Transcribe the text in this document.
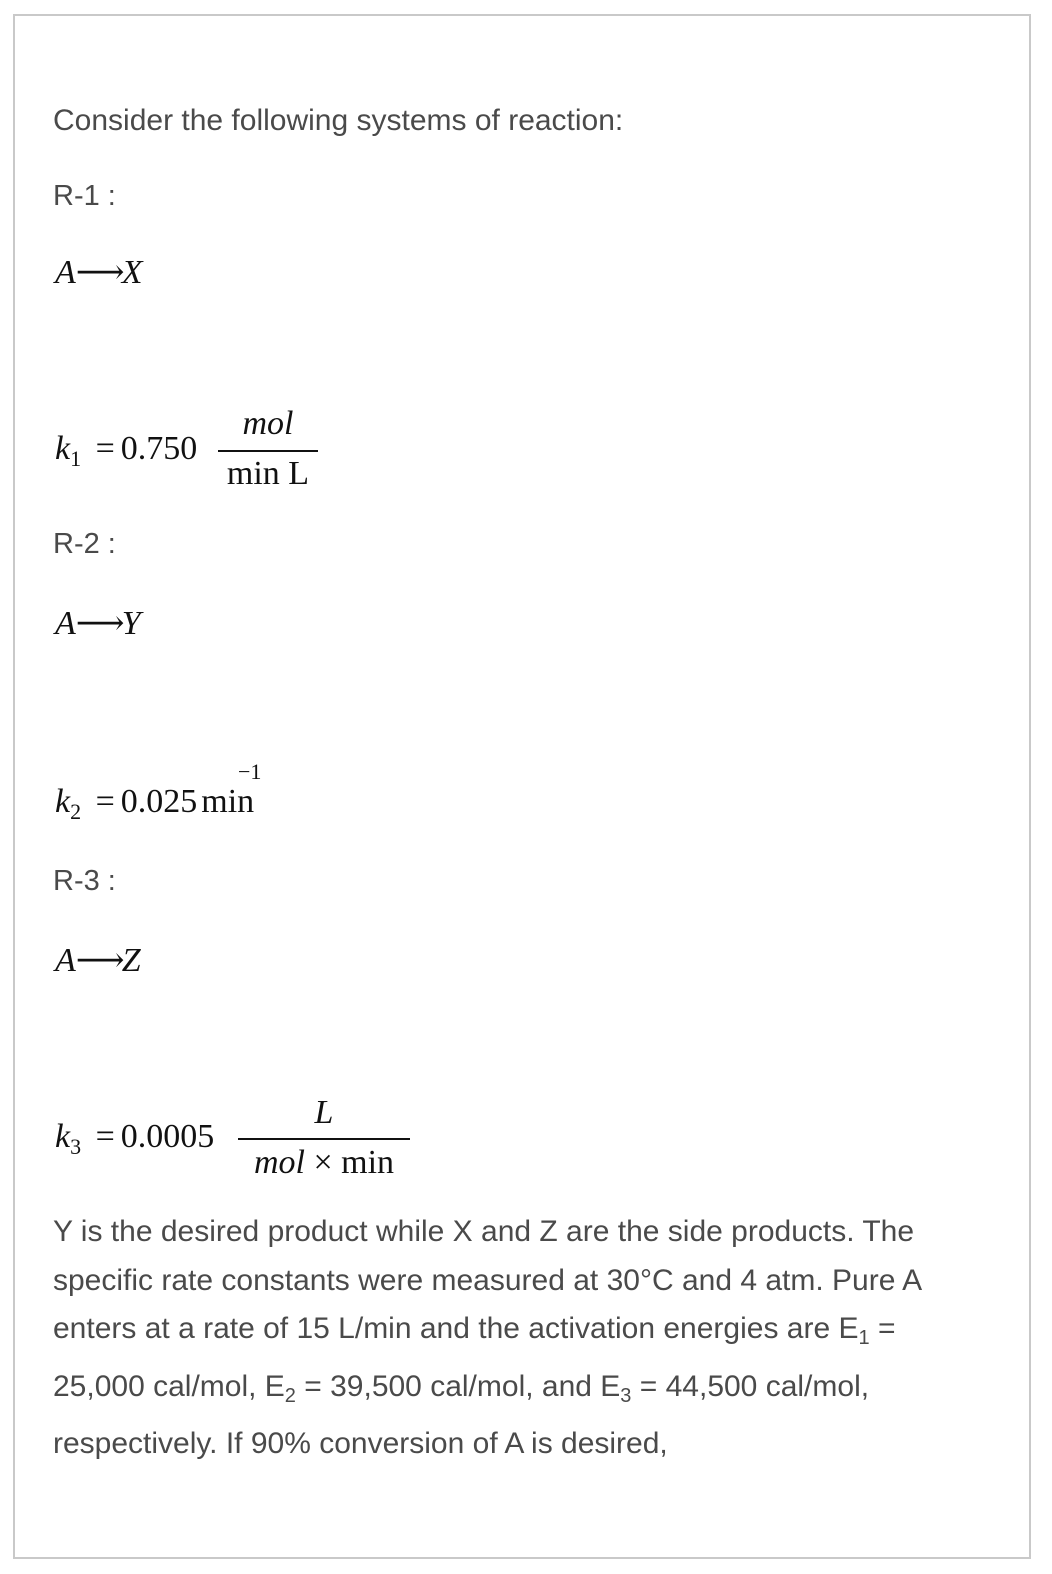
Consider the following systems of reaction:
R-1 :
A⟶X
$k_1 = 0.750$
mol
min L
R-2 :
A⟶Y
$k_2 = 0.025$ min
−1
R-3 :
A⟶Z
$k_3 = 0.0005$
L
mol × min
Y is the desired product while X and Z are the side products. The specific rate constants were measured at 30°C and 4 atm. Pure A enters at a rate of 15 L/min and the activation energies are $E_1 = 25,000$ cal/mol, $E_2 = 39,500$ cal/mol, and $E_3 = 44,500$ cal/mol, respectively. If 90% conversion of A is desired,
